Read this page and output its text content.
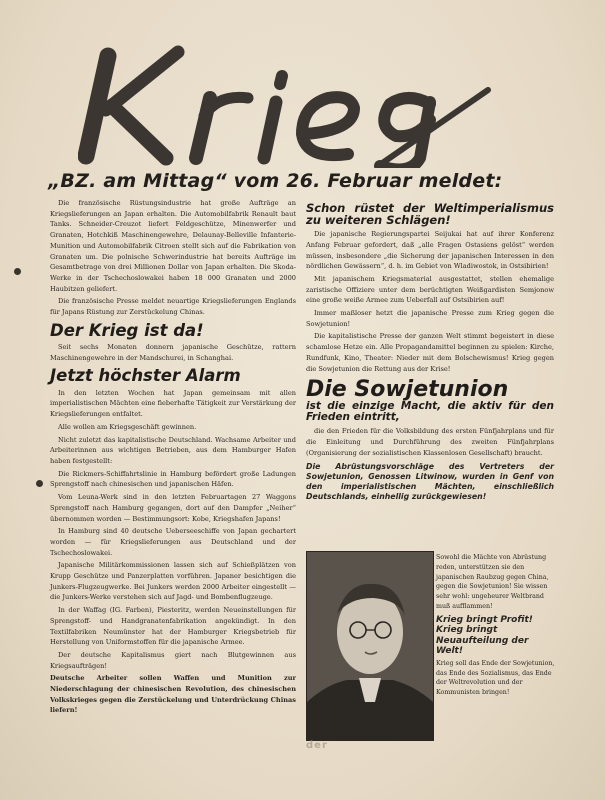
„BZ. am Mittag“ vom 26. Februar meldet:

Die französische Rüstungsindustrie hat große Aufträge an Kriegslieferungen an Japan erhalten. Die Automobilfabrik Renault baut Tanks. Schneider-Creuzot liefert Feldgeschütze, Minenwerfer und Granaten, Hotchkiß Maschinengewehre, Delaunay-Belleville Infanterie-Munition und Automobilfabrik Citroen stellt sich auf die Fabrikation von Granaten um. Die polnische Schwerindustrie hat bereits Aufträge im Gesamtbetrage von drei Millionen Dollar von Japan erhalten. Die Skoda-Werke in der Tschechoslowakei haben 18 000 Granaten und 2000 Haubitzen geliefert.

Die französische Presse meldet neuartige Kriegslieferungen Englands für Japans Rüstung zur Zerstückelung Chinas.

Der Krieg ist da!

Seit sechs Monaten donnern japanische Geschütze, rattern Maschinengewehre in der Mandschurei, in Schanghai.

Jetzt höchster Alarm

In den letzten Wochen hat Japan gemeinsam mit allen imperialistischen Mächten eine fieberhafte Tätigkeit zur Verstärkung der Kriegslieferungen entfaltet.

Alle wollen am Kriegsgeschäft gewinnen.

Nicht zuletzt das kapitalistische Deutschland. Wachsame Arbeiter und Arbeiterinnen aus wichtigen Betrieben, aus dem Hamburger Hafen haben festgestellt:

Die Rickmers-Schiffahrtslinie in Hamburg befördert große Ladungen Sprengstoff nach chinesischen und japanischen Häfen.

Vom Leuna-Werk sind in den letzten Februartagen 27 Waggons Sprengstoff nach Hamburg gegangen, dort auf den Dampfer „Neiher“ übernommen worden — Bestimmungsort: Kobe, Kriegshafen Japans!

In Hamburg sind 40 deutsche Ueberseeschiffe von Japan gechartert worden — für Kriegslieferungen aus Deutschland und der Tschechoslowakei.

Japanische Militärkommissionen lassen sich auf Schießplätzen von Krupp Geschütze und Panzerplatten vorführen. Japaner besichtigen die Junkers-Flugzeugwerke. Bei Junkers werden 2000 Arbeiter eingestellt — die Junkers-Werke verstehen sich auf Jagd- und Bombenflugzeuge.

In der Waffag (IG. Farben), Piesteritz, werden Neueinstellungen für Sprengstoff- und Handgranatenfabrikation angekündigt. In den Textilfabriken Neumünster hat der Hamburger Kriegsbetrieb für Herstellung von Uniformstoffen für die japanische Armee.

Der deutsche Kapitalismus giert nach Blutgewinnen aus Kriegsaufträgen!

Deutsche Arbeiter sollen Waffen und Munition zur Niederschlagung der chinesischen Revolution, des chinesischen Volkskrieges gegen die Zerstückelung und Unterdrückung Chinas liefern!

Schon rüstet der Weltimperialismus zu weiteren Schlägen!

Die japanische Regierungspartei Seijukai hat auf ihrer Konferenz Anfang Februar gefordert, daß „alle Fragen Ostasiens gelöst“ werden müssen, insbesondere „die Sicherung der japanischen Interessen in den nördlichen Gewässern“, d. h. im Gebiet von Wladiwostok, in Ostsibirien!

Mit japanischem Kriegsmaterial ausgestattet, stellen ehemalige zaristische Offiziere unter dem berüchtigten Weißgardisten Semjonow eine große weiße Armee zum Ueberfall auf Ostsibirien auf!

Immer maßloser hetzt die japanische Presse zum Krieg gegen die Sowjetunion!

Die kapitalistische Presse der ganzen Welt stimmt begeistert in diese schamlose Hetze ein. Alle Propagandamittel beginnen zu spielen: Kirche, Rundfunk, Kino, Theater: Nieder mit dem Bolschewismus! Krieg gegen die Sowjetunion die Rettung aus der Krise!

Die Sowjetunion
ist die einzige Macht, die aktiv für den Frieden eintritt,

die den Frieden für die Volksbildung des ersten Fünfjahrplans und für die Einleitung und Durchführung des zweiten Fünfjahrplans (Organisierung der sozialistischen Klassenlosen Gesellschaft) braucht.

Die Abrüstungsvorschläge des Vertreters der Sowjetunion, Genossen Litwinow, wurden in Genf von den imperialistischen Mächten, einschließlich Deutschlands, einhellig zurückgewiesen!

Sowohl die Mächte von Abrüstung reden, unterstützen sie den japanischen Raubzug gegen China, gegen die Sowjetunion! Sie wissen sehr wohl: ungeheurer Weltbrand muß aufflammen!

Krieg bringt Profit! Krieg bringt Neuaufteilung der Welt!

Krieg soll das Ende der Sowjetunion, das Ende des Sozialismus, das Ende der Weltrevolution und der Kommunisten bringen!

der
